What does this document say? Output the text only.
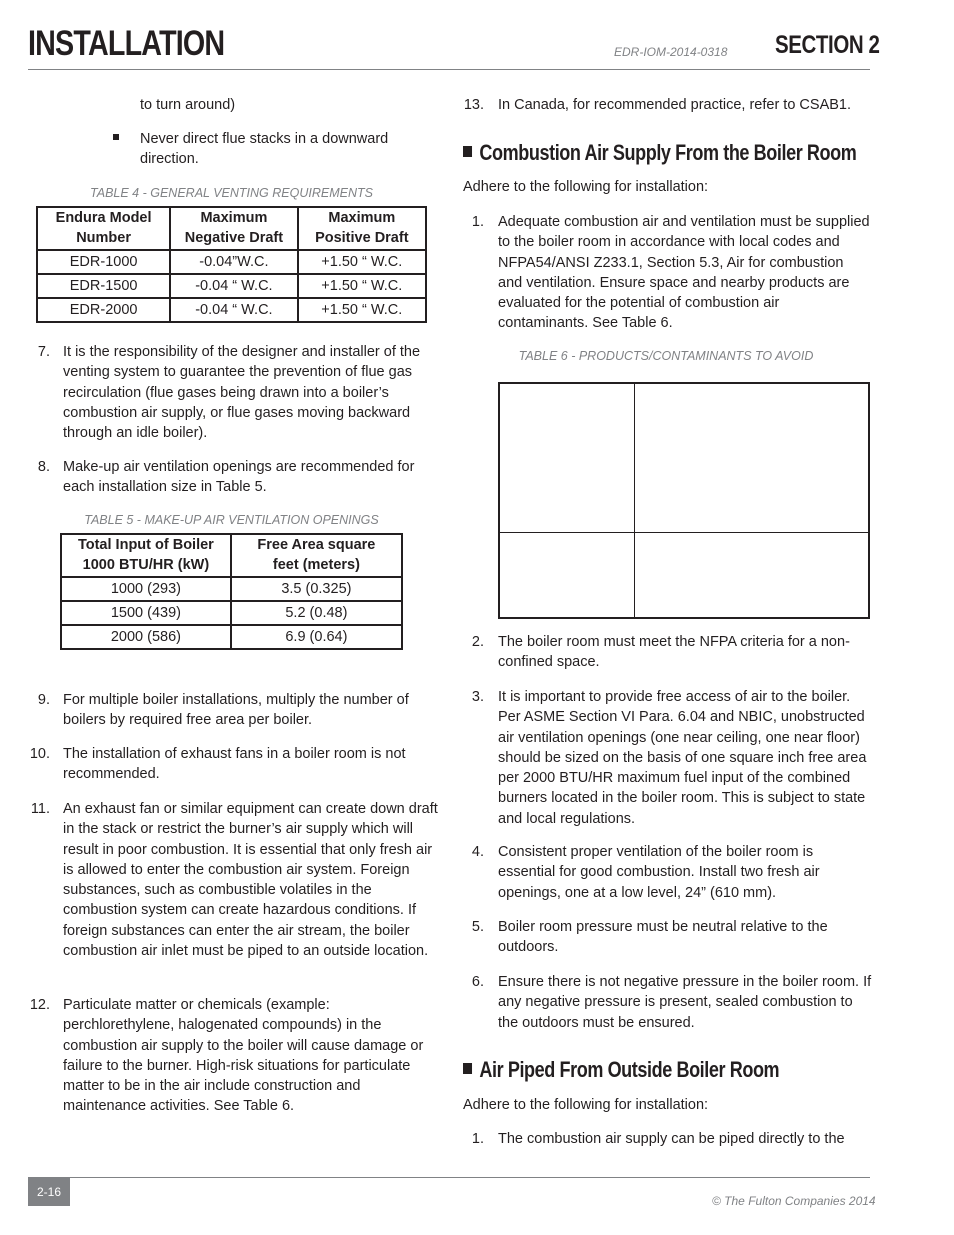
INSTALLATION	EDR-IOM-2014-0318 SECTION 2
to turn around)
Never direct flue stacks in a downward direction.
TABLE 4 - GENERAL VENTING REQUIREMENTS
Endura Model Number	Maximum Negative Draft	Maximum Positive Draft
EDR-1000	-0.04”W.C.	+1.50 “ W.C.
EDR-1500	-0.04 “ W.C.	+1.50 “ W.C.
EDR-2000	-0.04 “ W.C.	+1.50 “ W.C.
7. It is the responsibility of the designer and installer of the venting system to guarantee the prevention of flue gas recirculation (flue gases being drawn into a boiler’s combustion air supply, or flue gases moving backward through an idle boiler).
8. Make-up air ventilation openings are recommended for each installation size in Table 5.
TABLE 5 - MAKE-UP AIR VENTILATION OPENINGS
Total Input of Boiler 1000 BTU/HR (kW)	Free Area square feet (meters)
1000 (293)	3.5 (0.325)
1500 (439)	5.2 (0.48)
2000 (586)	6.9 (0.64)
9. For multiple boiler installations, multiply the number of boilers by required free area per boiler.
10. The installation of exhaust fans in a boiler room is not recommended.
11. An exhaust fan or similar equipment can create down draft in the stack or restrict the burner’s air supply which will result in poor combustion. It is essential that only fresh air is allowed to enter the combustion air system. Foreign substances, such as combustible volatiles in the combustion system can create hazardous conditions. If foreign substances can enter the air stream, the boiler combustion air inlet must be piped to an outside location.
12. Particulate matter or chemicals (example: perchlorethylene, halogenated compounds) in the combustion air supply to the boiler will cause damage or failure to the burner. High-risk situations for particulate matter to be in the air include construction and maintenance activities. See Table 6.
13. In Canada, for recommended practice, refer to CSAB1.
Combustion Air Supply From the Boiler Room
Adhere to the following for installation:
1. Adequate combustion air and ventilation must be supplied to the boiler room in accordance with local codes and NFPA54/ANSI Z233.1, Section 5.3, Air for combustion and ventilation. Ensure space and nearby products are evaluated for the potential of combustion air contaminants. See Table 6.
TABLE 6 - PRODUCTS/CONTAMINANTS TO AVOID
2. The boiler room must meet the NFPA criteria for a non-confined space.
3. It is important to provide free access of air to the boiler. Per ASME Section VI Para. 6.04 and NBIC, unobstructed air ventilation openings (one near ceiling, one near floor) should be sized on the basis of one square inch free area per 2000 BTU/HR maximum fuel input of the combined burners located in the boiler room. This is subject to state and local regulations.
4. Consistent proper ventilation of the boiler room is essential for good combustion. Install two fresh air openings, one at a low level, 24” (610 mm).
5. Boiler room pressure must be neutral relative to the outdoors.
6. Ensure there is not negative pressure in the boiler room. If any negative pressure is present, sealed combustion to the outdoors must be ensured.
Air Piped From Outside Boiler Room
Adhere to the following for installation:
1. The combustion air supply can be piped directly to the
2-16
© The Fulton Companies 2014
